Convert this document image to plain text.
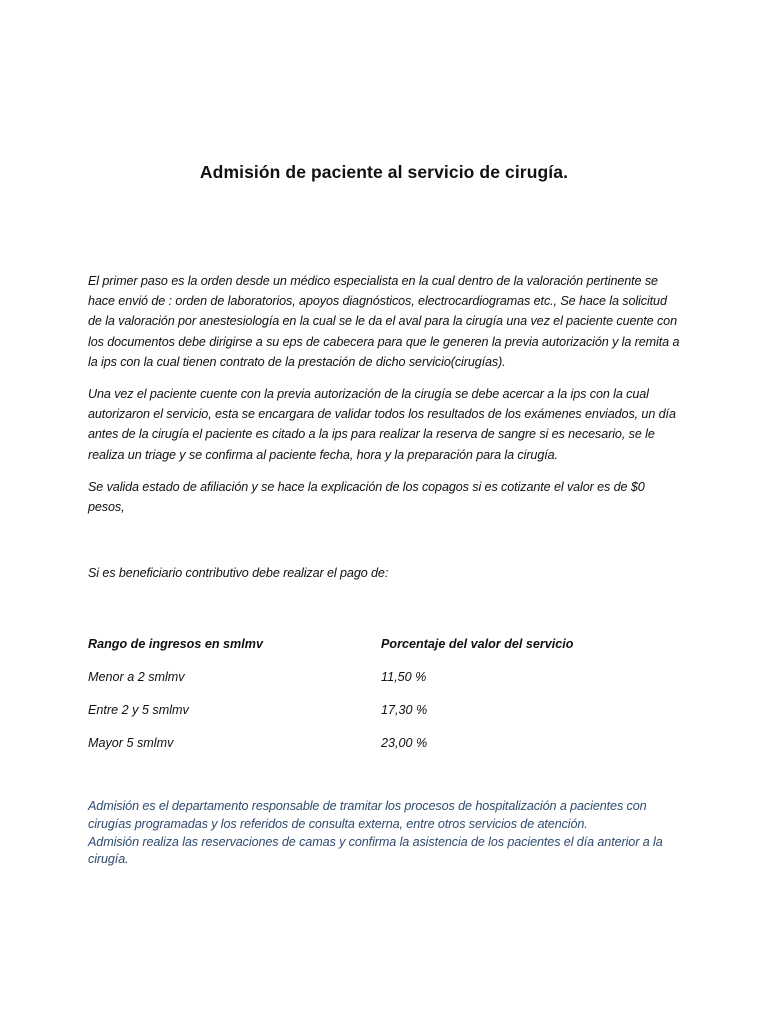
Admisión de paciente al servicio de cirugía.
El primer paso es la orden desde un médico especialista en la cual dentro de la valoración pertinente se hace envió de : orden de laboratorios, apoyos diagnósticos, electrocardiogramas etc., Se hace la solicitud de la valoración por anestesiología en la cual se le da el aval para la cirugía una vez el paciente cuente con los documentos debe dirigirse a su eps de cabecera para que le generen la previa autorización y la remita a la ips con la cual tienen contrato de la prestación de dicho servicio(cirugías).
Una vez el paciente cuente con la previa autorización de la cirugía se debe acercar a la ips con la cual autorizaron el servicio, esta se encargara de validar todos los resultados de los exámenes enviados, un día antes de la cirugía el paciente es citado a la ips para realizar la reserva de sangre si es necesario, se le realiza un triage y se confirma al paciente fecha, hora y la preparación para la cirugía.
Se valida estado de afiliación y se hace la explicación de los copagos si es cotizante el valor es de $0 pesos,
Si es beneficiario contributivo debe realizar el pago de:
Rango de ingresos en smlmv	Porcentaje del valor del servicio
Menor a 2 smlmv	11,50 %
Entre 2 y 5 smlmv	17,30 %
Mayor 5 smlmv	23,00 %
Admisión es el departamento responsable de tramitar los procesos de hospitalización a pacientes con cirugías programadas y los referidos de consulta externa, entre otros servicios de atención.
Admisión realiza las reservaciones de camas y confirma la asistencia de los pacientes el día anterior a la cirugía.
